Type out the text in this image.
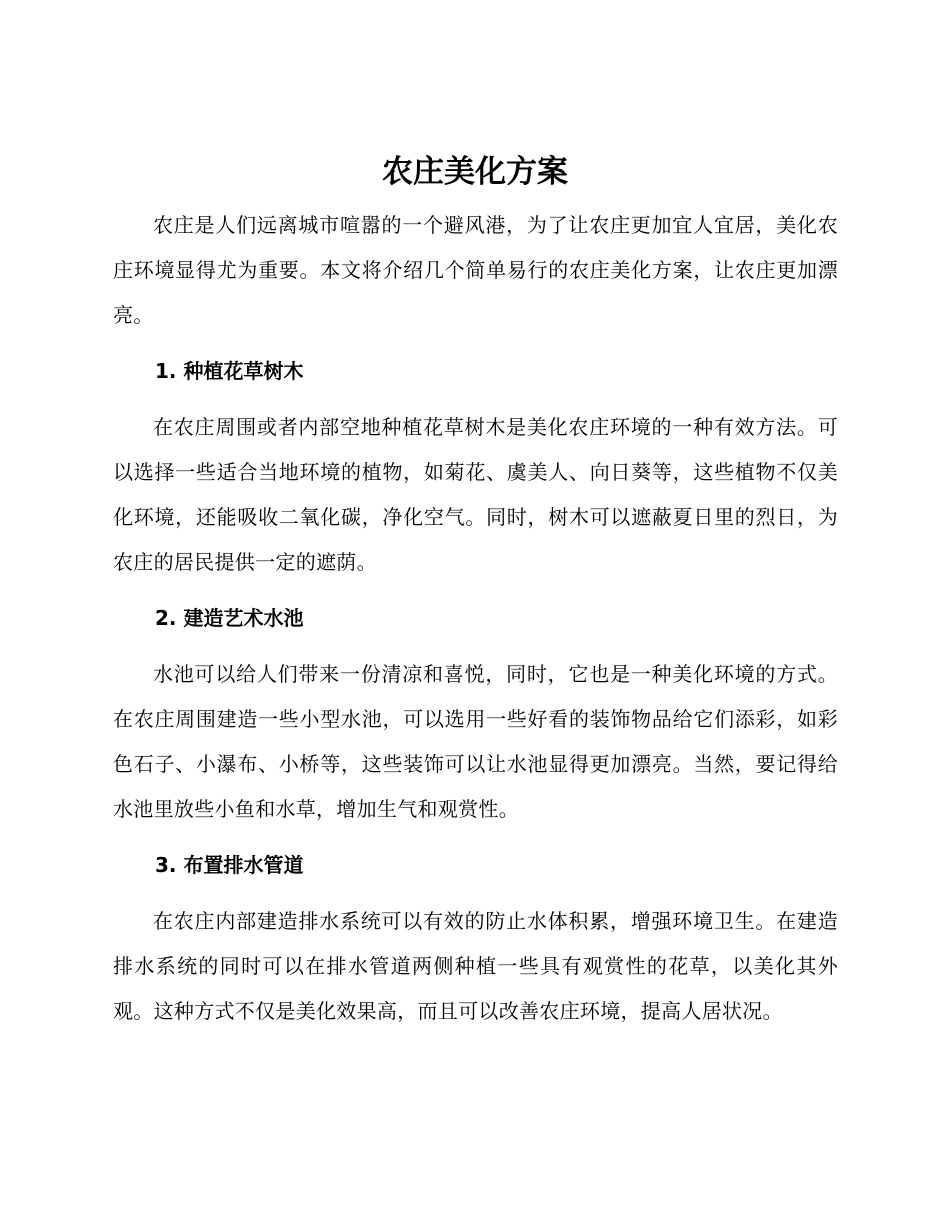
农庄美化方案

农庄是人们远离城市喧嚣的一个避风港，为了让农庄更加宜人宜居，美化农庄环境显得尤为重要。本文将介绍几个简单易行的农庄美化方案，让农庄更加漂亮。

1. 种植花草树木

在农庄周围或者内部空地种植花草树木是美化农庄环境的一种有效方法。可以选择一些适合当地环境的植物，如菊花、虞美人、向日葵等，这些植物不仅美化环境，还能吸收二氧化碳，净化空气。同时，树木可以遮蔽夏日里的烈日，为农庄的居民提供一定的遮荫。

2. 建造艺术水池

水池可以给人们带来一份清凉和喜悦，同时，它也是一种美化环境的方式。在农庄周围建造一些小型水池，可以选用一些好看的装饰物品给它们添彩，如彩色石子、小瀑布、小桥等，这些装饰可以让水池显得更加漂亮。当然，要记得给水池里放些小鱼和水草，增加生气和观赏性。

3. 布置排水管道

在农庄内部建造排水系统可以有效的防止水体积累，增强环境卫生。在建造排水系统的同时可以在排水管道两侧种植一些具有观赏性的花草，以美化其外观。这种方式不仅是美化效果高，而且可以改善农庄环境，提高人居状况。
